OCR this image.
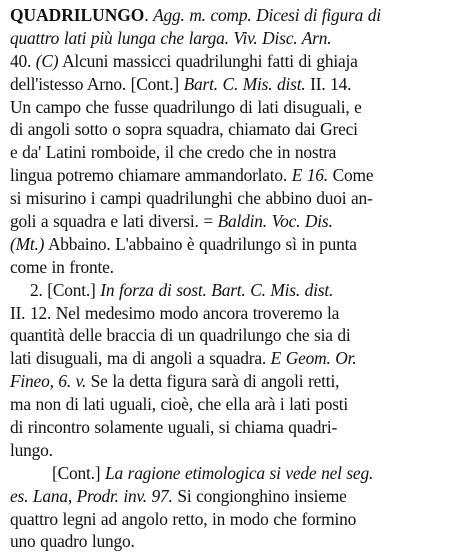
QUADRILUNGO. Agg. m. comp. Dicesi di figura di
quattro lati più lunga che larga. Viv. Disc. Arn.
40. (C) Alcuni massicci quadrilunghi fatti di ghiaja
dell'istesso Arno. [Cont.] Bart. C. Mis. dist. II. 14.
Un campo che fusse quadrilungo di lati disuguali, e
di angoli sotto o sopra squadra, chiamato dai Greci
e da' Latini romboide, il che credo che in nostra
lingua potremo chiamare ammandorlato. E 16. Come
si misurino i campi quadrilunghi che abbino duoi an-
goli a squadra e lati diversi. = Baldin. Voc. Dis.
(Mt.) Abbaino. L'abbaino è quadrilungo sì in punta
come in fronte.
2. [Cont.] In forza di sost. Bart. C. Mis. dist.
II. 12. Nel medesimo modo ancora troveremo la
quantità delle braccia di un quadrilungo che sia di
lati disuguali, ma di angoli a squadra. E Geom. Or.
Fineo, 6. v. Se la detta figura sarà di angoli retti,
ma non di lati uguali, cioè, che ella arà i lati posti
di rincontro solamente uguali, si chiama quadri-
lungo.
[Cont.] La ragione etimologica si vede nel seg.
es. Lana, Prodr. inv. 97. Si congionghino insieme
quattro legni ad angolo retto, in modo che formino
uno quadro lungo.
